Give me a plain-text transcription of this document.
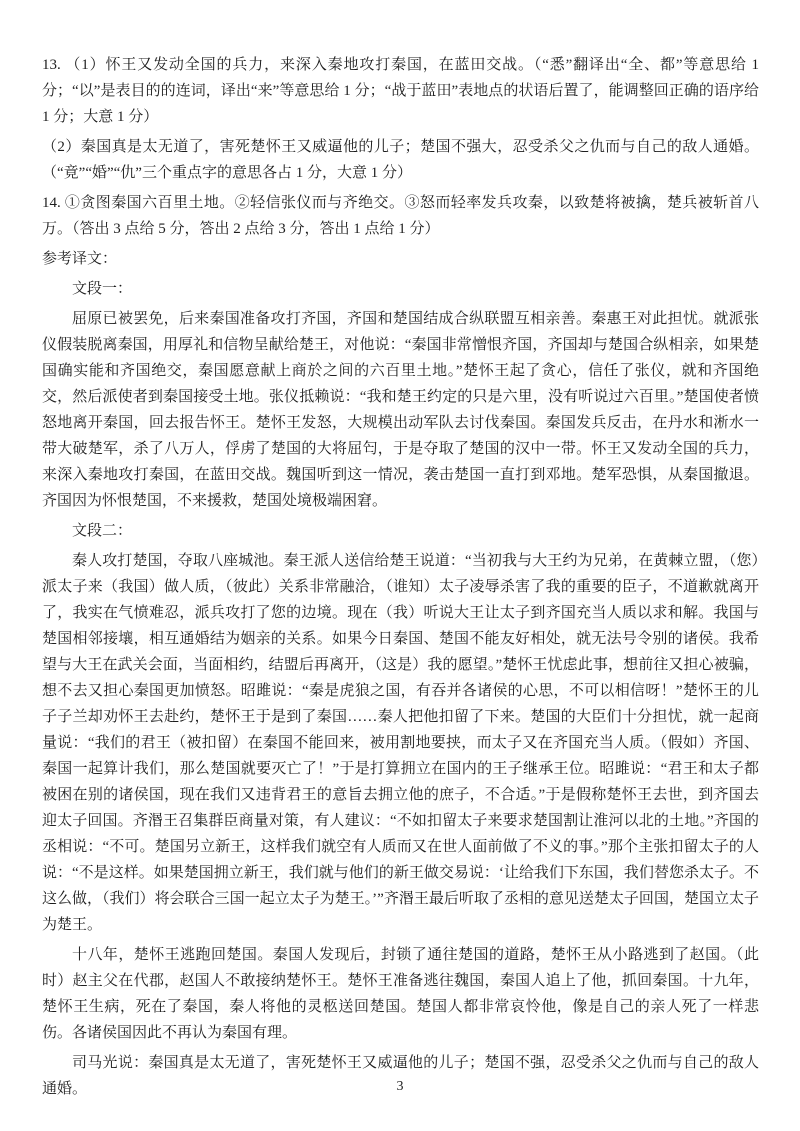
13. （1）怀王又发动全国的兵力，来深入秦地攻打秦国，在蓝田交战。（“悉”翻译出“全、都”等意思给 1 分；“以”是表目的的连词，译出“来”等意思给 1 分；“战于蓝田”表地点的状语后置了，能调整回正确的语序给 1 分；大意 1 分）

（2）秦国真是太无道了，害死楚怀王又威逼他的儿子；楚国不强大，忍受杀父之仇而与自己的敌人通婚。（“竟”“婚”“仇”三个重点字的意思各占 1 分，大意 1 分）

14. ①贪图秦国六百里土地。②轻信张仪而与齐绝交。③怒而轻率发兵攻秦，以致楚将被擒，楚兵被斩首八万。（答出 3 点给 5 分，答出 2 点给 3 分，答出 1 点给 1 分）

参考译文：

文段一：

屈原已被罢免，后来秦国准备攻打齐国，齐国和楚国结成合纵联盟互相亲善。秦惠王对此担忧。就派张仪假装脱离秦国，用厚礼和信物呈献给楚王，对他说：“秦国非常憎恨齐国，齐国却与楚国合纵相亲，如果楚国确实能和齐国绝交，秦国愿意献上商於之间的六百里土地。”楚怀王起了贪心，信任了张仪，就和齐国绝交，然后派使者到秦国接受土地。张仪抵赖说：“我和楚王约定的只是六里，没有听说过六百里。”楚国使者愤怒地离开秦国，回去报告怀王。楚怀王发怒，大规模出动军队去讨伐秦国。秦国发兵反击，在丹水和淅水一带大破楚军，杀了八万人，俘虏了楚国的大将屈匄，于是夺取了楚国的汉中一带。怀王又发动全国的兵力，来深入秦地攻打秦国，在蓝田交战。魏国听到这一情况，袭击楚国一直打到邓地。楚军恐惧，从秦国撤退。齐国因为怀恨楚国，不来援救，楚国处境极端困窘。

文段二：

秦人攻打楚国，夺取八座城池。秦王派人送信给楚王说道：“当初我与大王约为兄弟，在黄棘立盟，（您）派太子来（我国）做人质，（彼此）关系非常融洽，（谁知）太子凌辱杀害了我的重要的臣子，不道歉就离开了，我实在气愤难忍，派兵攻打了您的边境。现在（我）听说大王让太子到齐国充当人质以求和解。我国与楚国相邻接壤，相互通婚结为姻亲的关系。如果今日秦国、楚国不能友好相处，就无法号令别的诸侯。我希望与大王在武关会面，当面相约，结盟后再离开，（这是）我的愿望。”楚怀王忧虑此事，想前往又担心被骗，想不去又担心秦国更加愤怒。昭雎说：“秦是虎狼之国，有吞并各诸侯的心思，不可以相信呀！”楚怀王的儿子子兰却劝怀王去赴约，楚怀王于是到了秦国……秦人把他扣留了下来。楚国的大臣们十分担忧，就一起商量说：“我们的君王（被扣留）在秦国不能回来，被用割地要挟，而太子又在齐国充当人质。（假如）齐国、秦国一起算计我们，那么楚国就要灭亡了！”于是打算拥立在国内的王子继承王位。昭雎说：“君王和太子都被困在别的诸侯国，现在我们又违背君王的意旨去拥立他的庶子，不合适。”于是假称楚怀王去世，到齐国去迎太子回国。齐湣王召集群臣商量对策，有人建议：“不如扣留太子来要求楚国割让淮河以北的土地。”齐国的丞相说：“不可。楚国另立新王，这样我们就空有人质而又在世人面前做了不义的事。”那个主张扣留太子的人说：“不是这样。如果楚国拥立新王，我们就与他们的新王做交易说：‘让给我们下东国，我们替您杀太子。不这么做，（我们）将会联合三国一起立太子为楚王。’”齐湣王最后听取了丞相的意见送楚太子回国，楚国立太子为楚王。

十八年，楚怀王逃跑回楚国。秦国人发现后，封锁了通往楚国的道路，楚怀王从小路逃到了赵国。（此时）赵主父在代郡，赵国人不敢接纳楚怀王。楚怀王准备逃往魏国，秦国人追上了他，抓回秦国。十九年，楚怀王生病，死在了秦国，秦人将他的灵柩送回楚国。楚国人都非常哀怜他，像是自己的亲人死了一样悲伤。各诸侯国因此不再认为秦国有理。

司马光说：秦国真是太无道了，害死楚怀王又威逼他的儿子；楚国不强，忍受杀父之仇而与自己的敌人通婚。	3
